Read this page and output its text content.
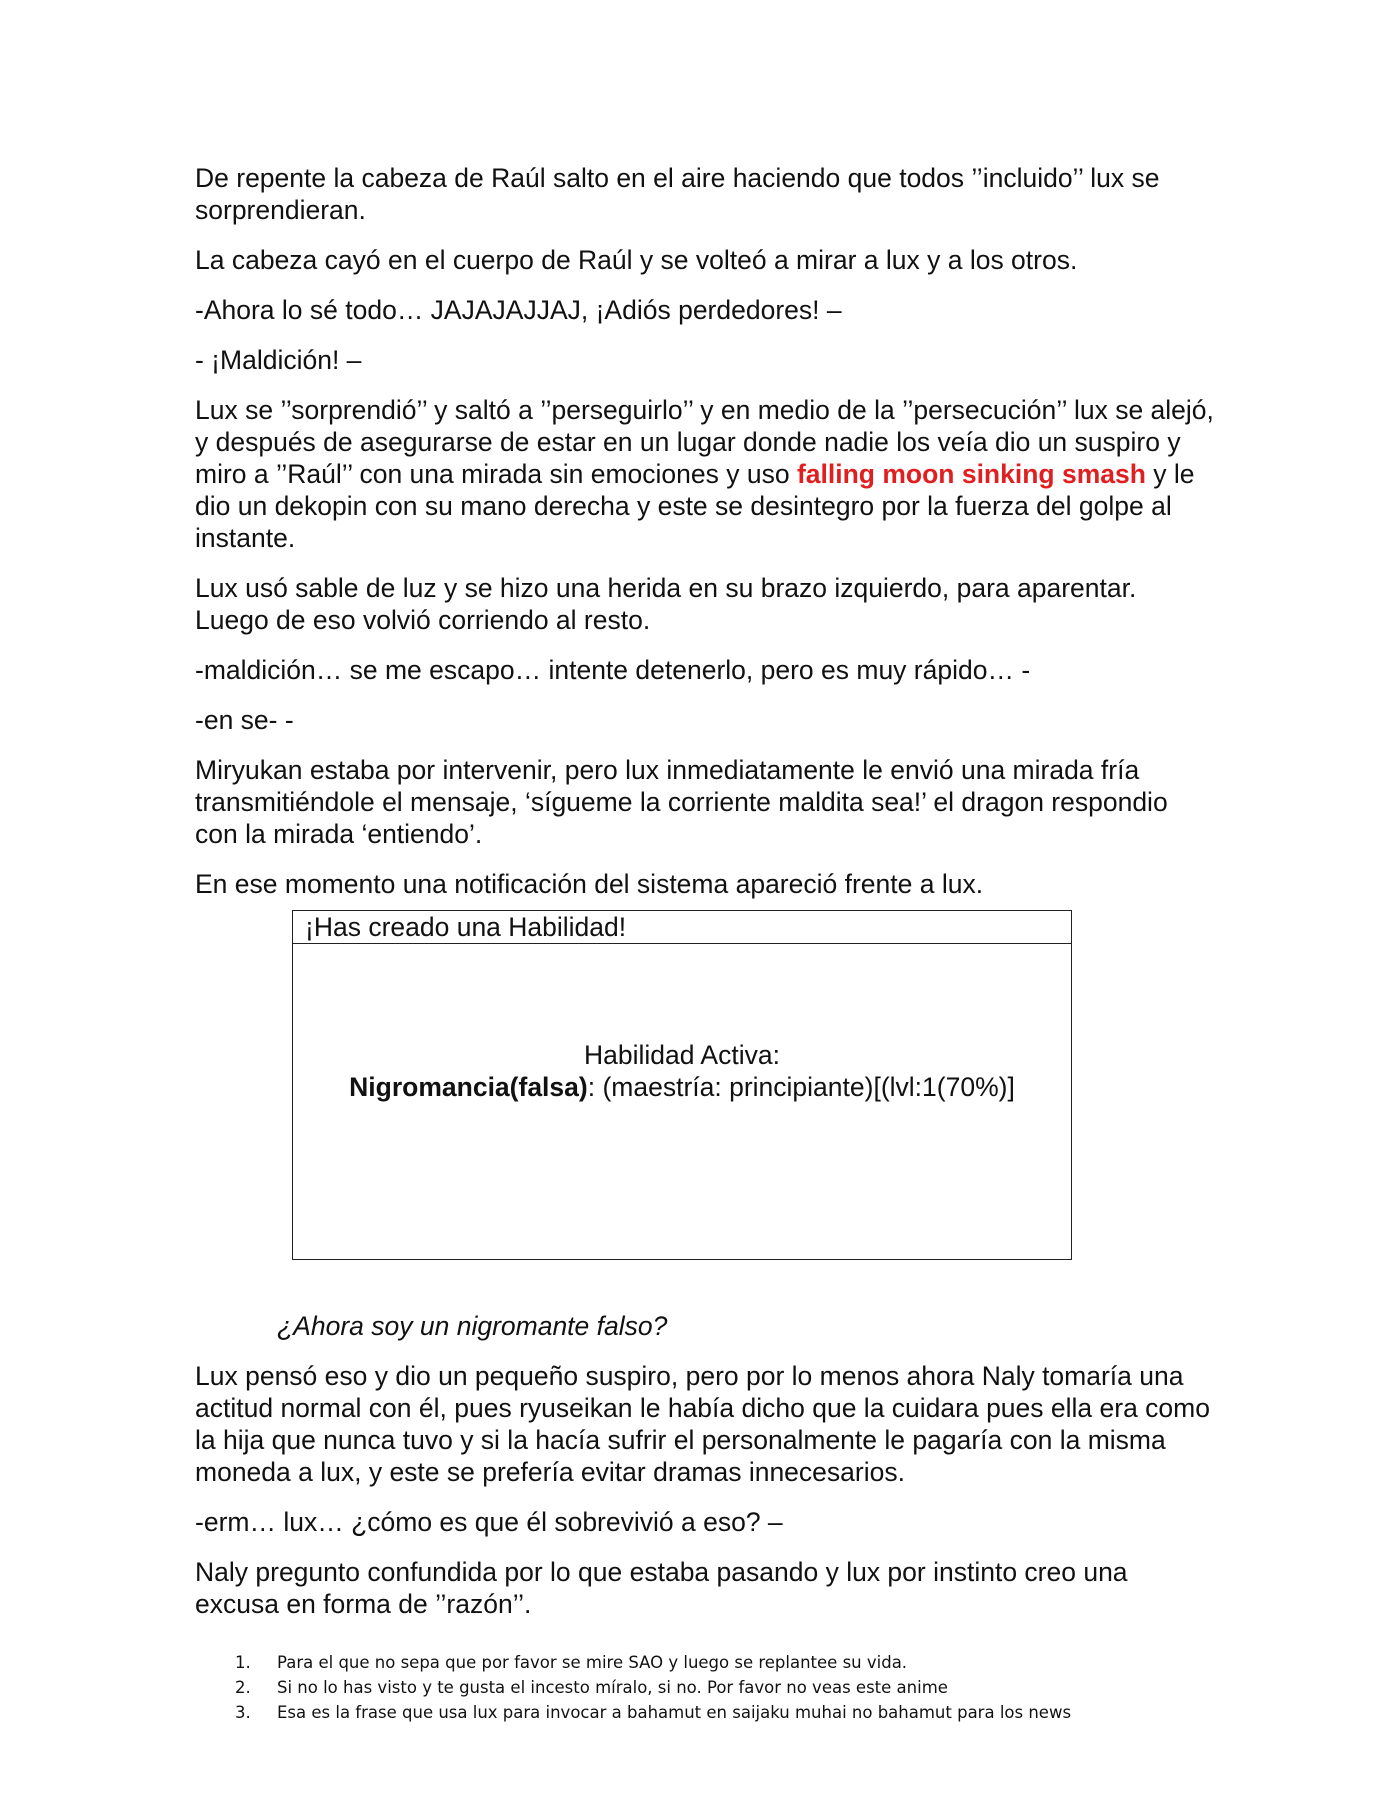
De repente la cabeza de Raúl salto en el aire haciendo que todos ’’incluido’’ lux se sorprendieran.

La cabeza cayó en el cuerpo de Raúl y se volteó a mirar a lux y a los otros.

-Ahora lo sé todo… JAJAJAJJAJ, ¡Adiós perdedores! –

- ¡Maldición! –

Lux se ’’sorprendió’’ y saltó a ’’perseguirlo’’ y en medio de la ’’persecución’’ lux se alejó, y después de asegurarse de estar en un lugar donde nadie los veía dio un suspiro y miro a ’’Raúl’’ con una mirada sin emociones y uso falling moon sinking smash y le dio un dekopin con su mano derecha y este se desintegro por la fuerza del golpe al instante.

Lux usó sable de luz y se hizo una herida en su brazo izquierdo, para aparentar. Luego de eso volvió corriendo al resto.

-maldición… se me escapo… intente detenerlo, pero es muy rápido… -

-en se- -

Miryukan estaba por intervenir, pero lux inmediatamente le envió una mirada fría transmitiéndole el mensaje, ‘sígueme la corriente maldita sea!’ el dragon respondio con la mirada ‘entiendo’.

En ese momento una notificación del sistema apareció frente a lux.

¡Has creado una Habilidad!
Habilidad Activa:
Nigromancia(falsa): (maestría: principiante)[(lvl:1(70%)]

¿Ahora soy un nigromante falso?

Lux pensó eso y dio un pequeño suspiro, pero por lo menos ahora Naly tomaría una actitud normal con él, pues ryuseikan le había dicho que la cuidara pues ella era como la hija que nunca tuvo y si la hacía sufrir el personalmente le pagaría con la misma moneda a lux, y este se prefería evitar dramas innecesarios.

-erm… lux… ¿cómo es que él sobrevivió a eso? –

Naly pregunto confundida por lo que estaba pasando y lux por instinto creo una excusa en forma de ’’razón’’.

1.	Para el que no sepa que por favor se mire SAO y luego se replantee su vida.
2.	Si no lo has visto y te gusta el incesto míralo, si no. Por favor no veas este anime
3.	Esa es la frase que usa lux para invocar a bahamut en saijaku muhai no bahamut para los news
